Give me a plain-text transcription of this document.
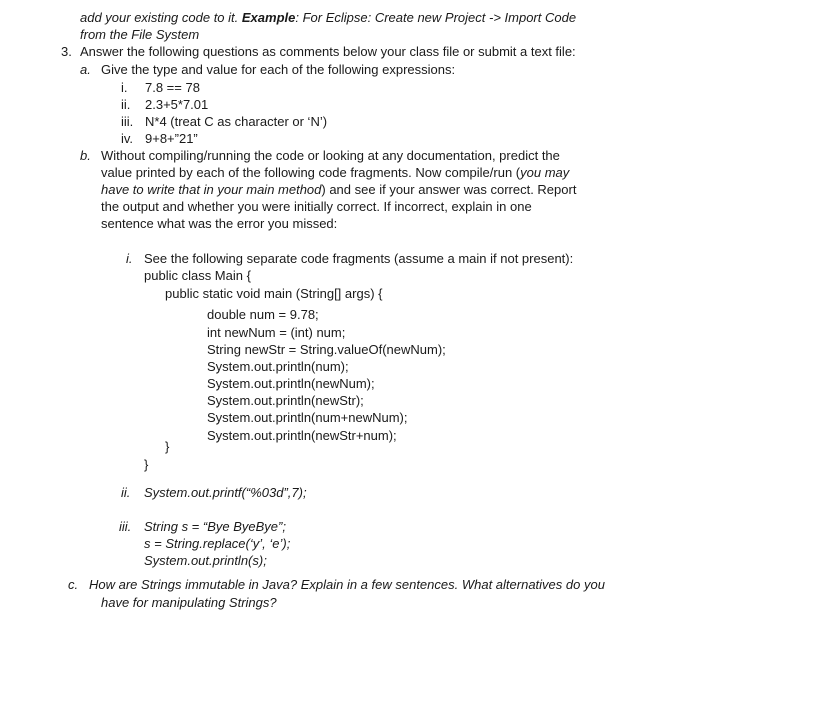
add your existing code to it. Example: For Eclipse: Create new Project -> Import Code
from the File System
3. Answer the following questions as comments below your class file or submit a text file:
a. Give the type and value for each of the following expressions:
i. 7.8 == 78
ii. 2.3+5*7.01
iii. N*4 (treat C as character or ‘N’)
iv. 9+8+”21”
b. Without compiling/running the code or looking at any documentation, predict the
value printed by each of the following code fragments. Now compile/run (you may
have to write that in your main method) and see if your answer was correct. Report
the output and whether you were initially correct. If incorrect, explain in one
sentence what was the error you missed:
i. See the following separate code fragments (assume a main if not present):
public class Main {
public static void main (String[] args) {
double num = 9.78;
int newNum = (int) num;
String newStr = String.valueOf(newNum);
System.out.println(num);
System.out.println(newNum);
System.out.println(newStr);
System.out.println(num+newNum);
System.out.println(newStr+num);
}
}
ii. System.out.printf(“%03d”,7);
iii. String s = “Bye ByeBye”;
s = String.replace(‘y’, ‘e’);
System.out.println(s);
c. How are Strings immutable in Java? Explain in a few sentences. What alternatives do you
have for manipulating Strings?
